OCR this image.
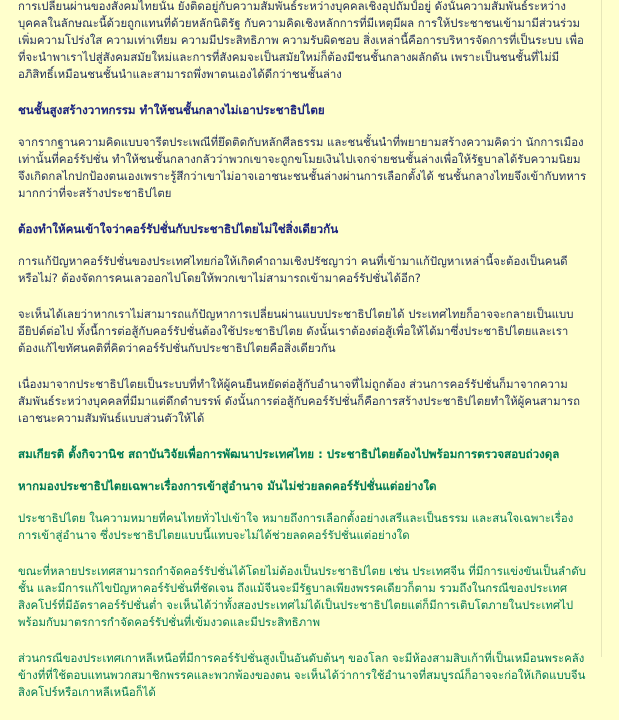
การเปลี่ยนผ่านของสังคมไทยนั้น ยังติดอยู่กับความสัมพันธ์ระหว่างบุคคลเชิงอุปถัมป์อยู่ ดังนั้นความสัมพันธ์ระหว่างบุคคลในลักษณะนี้ด้วยถูกแทนที่ด้วยหลักนิติรัฐ กับความคิดเชิงหลักการที่มีเหตุมีผล การให้ประชาชนเข้ามามีส่วนร่วม เพิ่มความโปร่งใส ความเท่าเทียม ความมีประสิทธิภาพ ความรับผิดชอบ สิ่งเหล่านี้คือการบริหารจัดการที่เป็นระบบ เพื่อที่จะนำพาเราไปสู่สังคมสมัยใหม่และการที่สังคมจะเป็นสมัยใหม่ก็ต้องมีชนชั้นกลางผลักดัน เพราะเป็นชนชั้นที่ไม่มีอภิสิทธิ์เหมือนชนชั้นนำและสามารถพึ่งพาตนเองได้ดีกว่าชนชั้นล่าง

ชนชั้นสูงสร้างวาทกรรม ทำให้ชนชั้นกลางไม่เอาประชาธิปไตย

จากรากฐานความคิดแบบจารีตประเพณีที่ยึดติดกับหลักศีลธรรม และชนชั้นนำที่พยายามสร้างความคิดว่า นักการเมืองเท่านั้นที่คอร์รัปชั่น ทำให้ชนชั้นกลางกลัวว่าพวกเขาจะถูกขโมยเงินไปเจกจ่ายชนชั้นล่างเพื่อให้รัฐบาลได้รับความนิยม จึงเกิดกลไกปกป้องตนเองเพราะรู้สึกว่าเขาไม่อาจเอาชนะชนชั้นล่างผ่านการเลือกตั้งได้ ชนชั้นกลางไทยจึงเข้ากับทหารมากกว่าที่จะสร้างประชาธิปไตย

ต้องทำให้คนเข้าใจว่าคอร์รัปชั่นกับประชาธิปไตยไม่ใช่สิ่งเดียวกัน

การแก้ปัญหาคอร์รัปชั่นของประเทศไทยก่อให้เกิดคำถามเชิงปรัชญาว่า คนที่เข้ามาแก้ปัญหาเหล่านี้จะต้องเป็นคนดีหรือไม่? ต้องจัดการคนเลวออกไปโดยให้พวกเขาไม่สามารถเข้ามาคอร์รัปชั่นได้อีก?

จะเห็นได้เลยว่าหากเราไม่สามารถแก้ปัญหาการเปลี่ยนผ่านแบบประชาธิปไตยได้ ประเทศไทยก็อาจจะกลายเป็นแบบอียิปต์ต่อไป ทั้งนี้การต่อสู้กับคอร์รัปชั่นต้องใช้ประชาธิปไตย ดังนั้นเราต้องต่อสู้เพื่อให้ได้มาซึ่งประชาธิปไตยและเราต้องแก้ไขทัศนคติที่คิดว่าคอร์รัปชั่นกับประชาธิปไตยคือสิ่งเดียวกัน

เนื่องมาจากประชาธิปไตยเป็นระบบที่ทำให้ผู้คนยืนหยัดต่อสู้กับอำนาจที่ไม่ถูกต้อง ส่วนการคอร์รัปชั่นก็มาจากความสัมพันธ์ระหว่างบุคคลที่มีมาแต่ดึกดำบรรพ์ ดังนั้นการต่อสู้กับคอร์รัปชั่นก็คือการสร้างประชาธิปไตยทำให้ผู้คนสามารถเอาชนะความสัมพันธ์แบบส่วนตัวให้ได้

สมเกียรติ ตั้งกิจวานิช สถาบันวิจัยเพื่อการพัฒนาประเทศไทย : ประชาธิปไตยต้องไปพร้อมการตรวจสอบถ่วงดุล
หากมองประชาธิปไตยเฉพาะเรื่องการเข้าสู่อำนาจ มันไม่ช่วยลดคอร์รัปชั่นแต่อย่างใด

ประชาธิปไตย ในความหมายที่คนไทยทั่วไปเข้าใจ หมายถึงการเลือกตั้งอย่างเสรีและเป็นธรรม และสนใจเฉพาะเรื่องการเข้าสู่อำนาจ ซึ่งประชาธิปไตยแบบนี้แทบจะไม่ได้ช่วยลดคอร์รัปชั่นแต่อย่างใด

ขณะที่หลายประเทศสามารถกำจัดคอร์รัปชั่นได้โดยไม่ต้องเป็นประชาธิปไตย เช่น ประเทศจีน ที่มีการแข่งขันเป็นลำดับชั้น และมีการแก้ไขปัญหาคอร์รัปชั่นที่ชัดเจน ถึงแม้จีนจะมีรัฐบาลเพียงพรรคเดียวก็ตาม รวมถึงในกรณีของประเทศสิงคโปร์ที่มีอัตราคอร์รัปชั่นต่ำ จะเห็นได้ว่าทั้งสองประเทศไม่ได้เป็นประชาธิปไตยแต่ก็มีการเติบโตภายในประเทศไปพร้อมกับมาตรการกำจัดคอร์รัปชั่นที่เข้มงวดและมีประสิทธิภาพ

ส่วนกรณีของประเทศเกาหลีเหนือที่มีการคอร์รัปชั่นสูงเป็นอันดับต้นๆ ของโลก จะมีห้องสามสิบเก้าที่เป็นเหมือนพระคลังข้างที่ที่ใช้ตอบแทนพวกสมาชิกพรรคและพวกพ้องของตน จะเห็นได้ว่าการใช้อำนาจที่สมบูรณ์ก็อาจจะก่อให้เกิดแบบจีน สิงคโปร์หรือเกาหลีเหนือก็ได้
